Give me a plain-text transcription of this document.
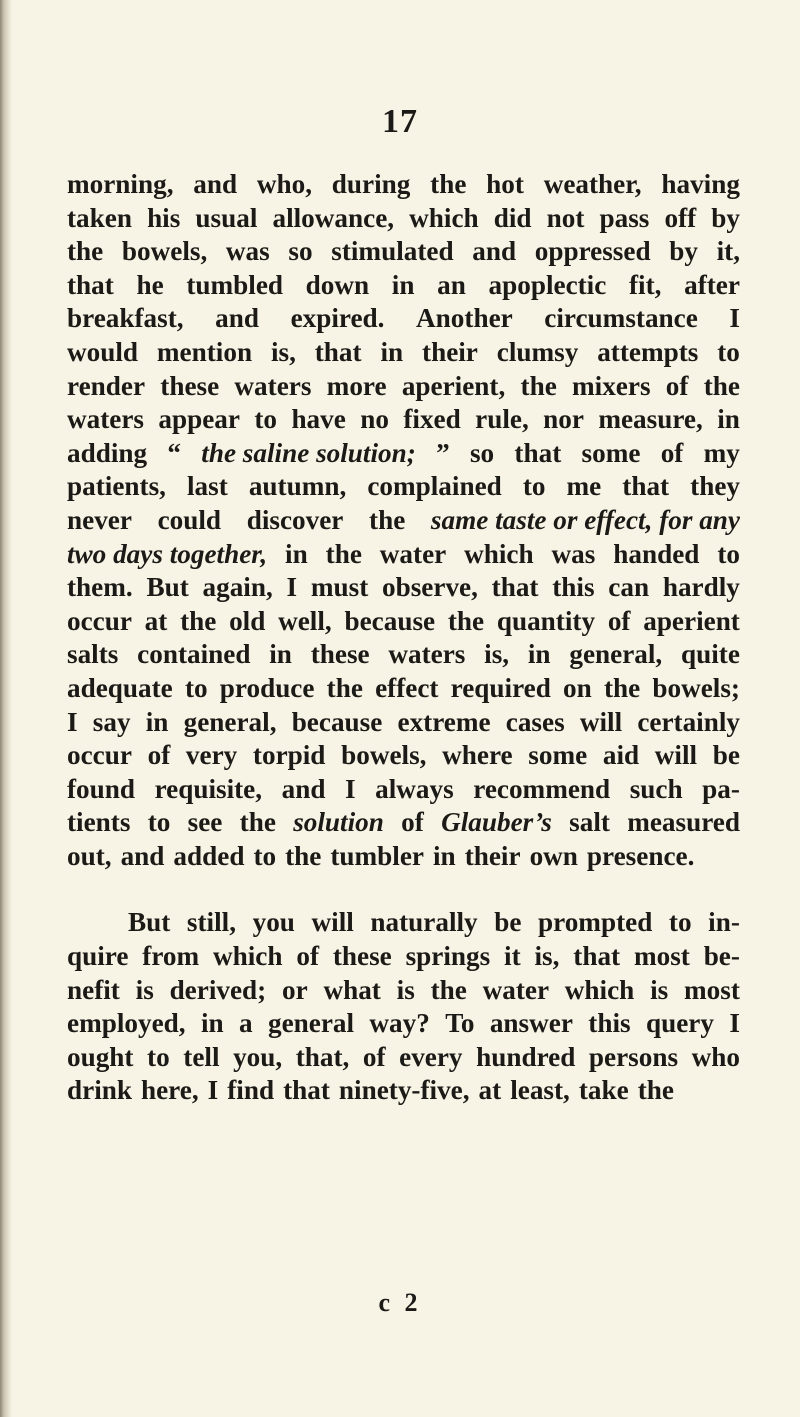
17
morning, and who, during the hot weather, having
taken his usual allowance, which did not pass off by
the bowels, was so stimulated and oppressed by it,
that he tumbled down in an apoplectic fit, after
breakfast, and expired. Another circumstance I
would mention is, that in their clumsy attempts to
render these waters more aperient, the mixers of the
waters appear to have no fixed rule, nor measure, in
adding “ the saline solution; ” so that some of my
patients, last autumn, complained to me that they
never could discover the same taste or effect, for any
two days together, in the water which was handed to
them. But again, I must observe, that this can hardly
occur at the old well, because the quantity of aperient
salts contained in these waters is, in general, quite
adequate to produce the effect required on the bowels;
I say in general, because extreme cases will certainly
occur of very torpid bowels, where some aid will be
found requisite, and I always recommend such pa-
tients to see the solution of Glauber’s salt measured
out, and added to the tumbler in their own presence.
But still, you will naturally be prompted to in-
quire from which of these springs it is, that most be-
nefit is derived; or what is the water which is most
employed, in a general way? To answer this query I
ought to tell you, that, of every hundred persons who
drink here, I find that ninety-five, at least, take the
c 2
